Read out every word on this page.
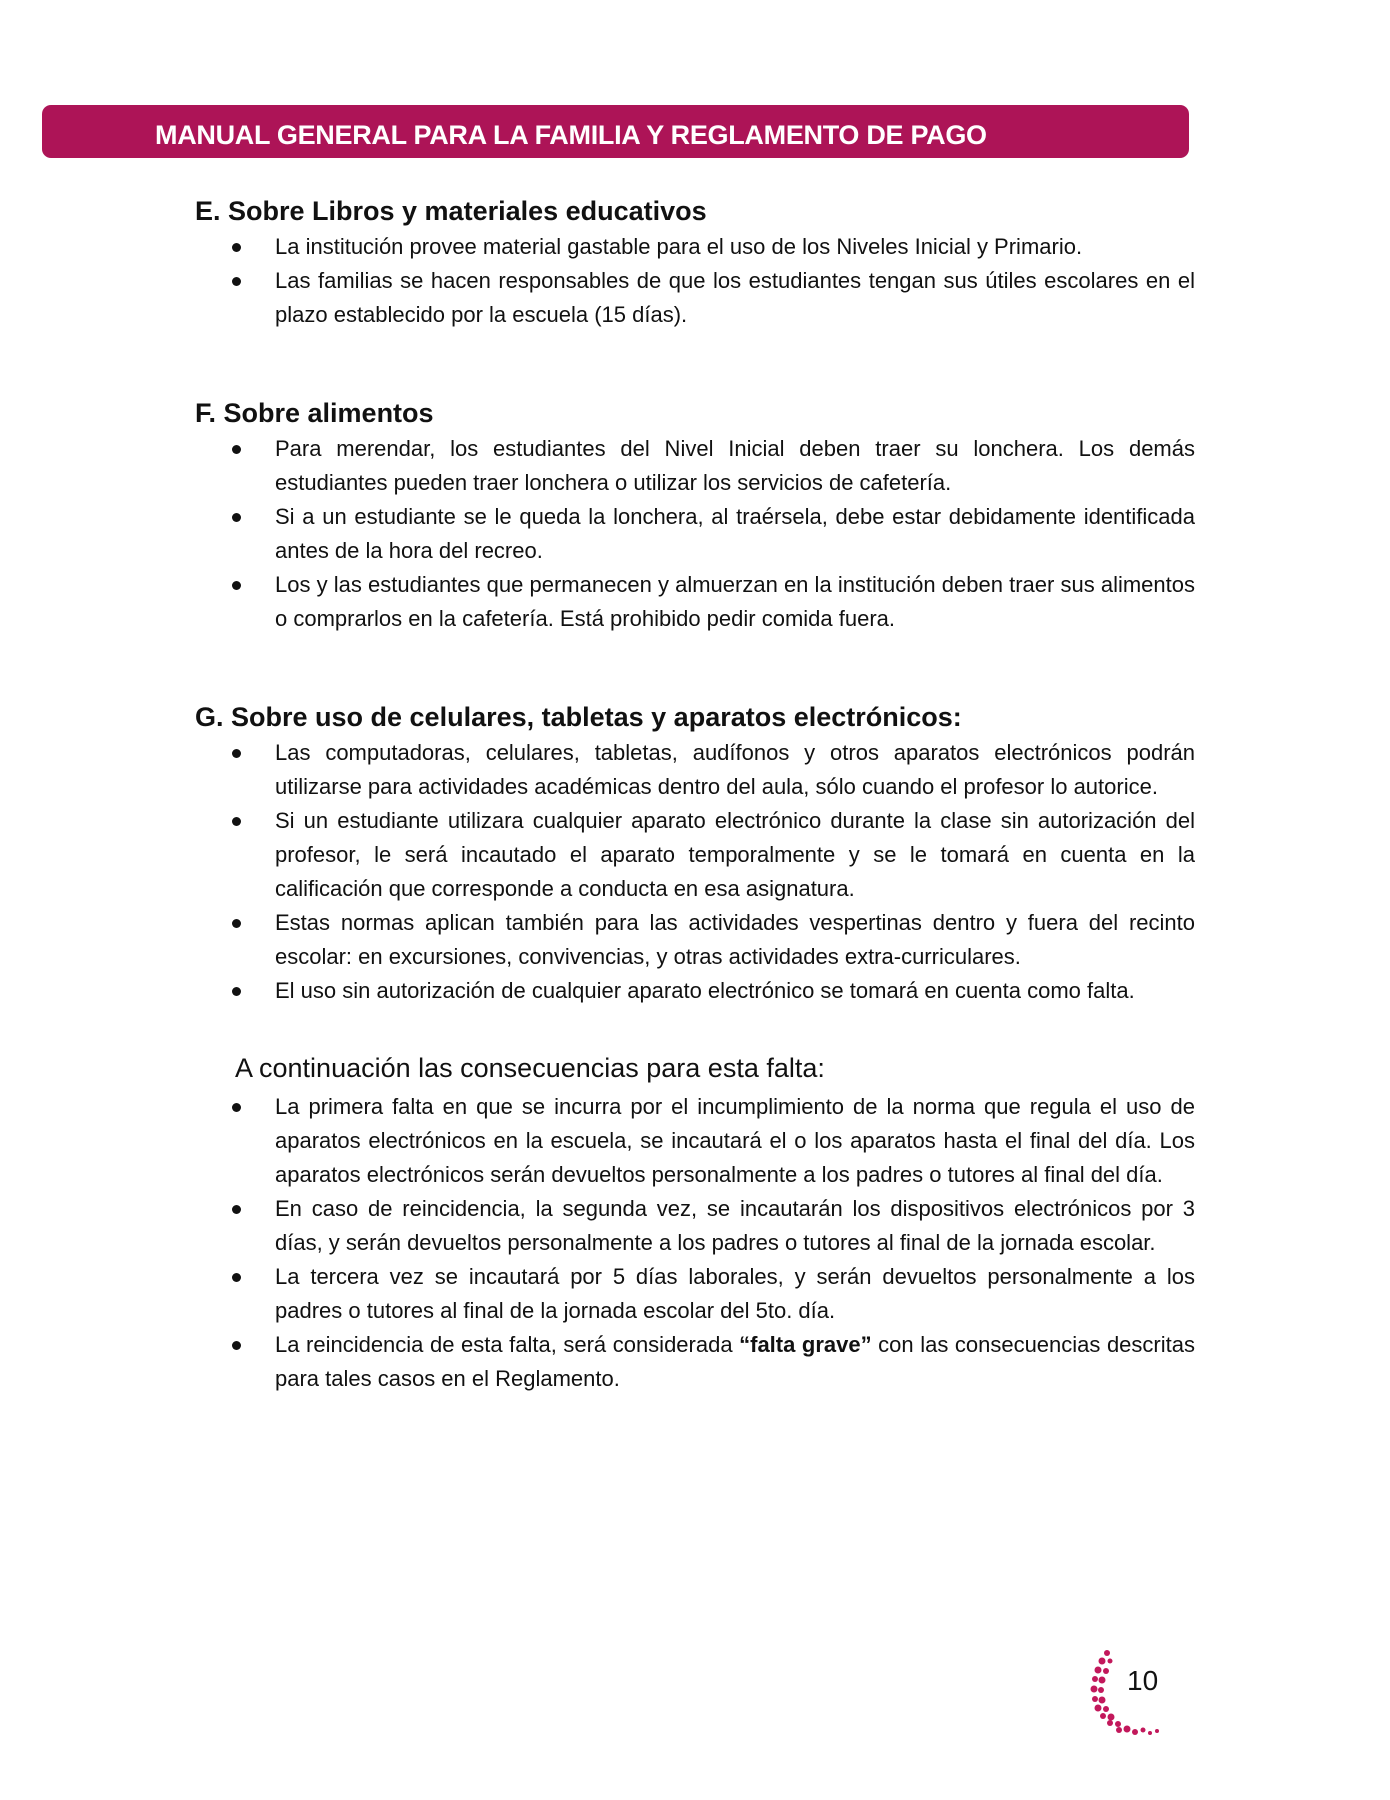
MANUAL GENERAL PARA LA FAMILIA Y REGLAMENTO DE PAGO
E. Sobre Libros y materiales educativos
La institución provee material gastable para el uso de los Niveles Inicial y Primario.
Las familias se hacen responsables de que los estudiantes tengan sus útiles escolares en el plazo establecido por la escuela (15 días).
F. Sobre alimentos
Para merendar, los estudiantes del Nivel Inicial deben traer su lonchera. Los demás estudiantes pueden traer lonchera o utilizar los servicios de cafetería.
Si a un estudiante se le queda la lonchera, al traérsela, debe estar debidamente identificada antes de la hora del recreo.
Los y las estudiantes que permanecen y almuerzan en la institución deben traer sus alimentos o comprarlos en la cafetería. Está prohibido pedir comida fuera.
G. Sobre uso de celulares, tabletas y aparatos electrónicos:
Las computadoras, celulares, tabletas, audífonos y otros aparatos electrónicos podrán utilizarse para actividades académicas dentro del aula, sólo cuando el profesor lo autorice.
Si un estudiante utilizara cualquier aparato electrónico durante la clase sin autorización del profesor, le será incautado el aparato temporalmente y se le tomará en cuenta en la calificación que corresponde a conducta en esa asignatura.
Estas normas aplican también para las actividades vespertinas dentro y fuera del recinto escolar: en excursiones, convivencias, y otras actividades extra-curriculares.
El uso sin autorización de cualquier aparato electrónico se tomará en cuenta como falta.
A continuación las consecuencias para esta falta:
La primera falta en que se incurra por el incumplimiento de la norma que regula el uso de aparatos electrónicos en la escuela, se incautará el o los aparatos hasta el final del día. Los aparatos electrónicos serán devueltos personalmente a los padres o tutores al final del día.
En caso de reincidencia, la segunda vez, se incautarán los dispositivos electrónicos por 3 días, y serán devueltos personalmente a los padres o tutores al final de la jornada escolar.
La tercera vez se incautará por 5 días laborales, y serán devueltos personalmente a los padres o tutores al final de la jornada escolar del 5to. día.
La reincidencia de esta falta, será considerada “falta grave” con las consecuencias descritas para tales casos en el Reglamento.
10
